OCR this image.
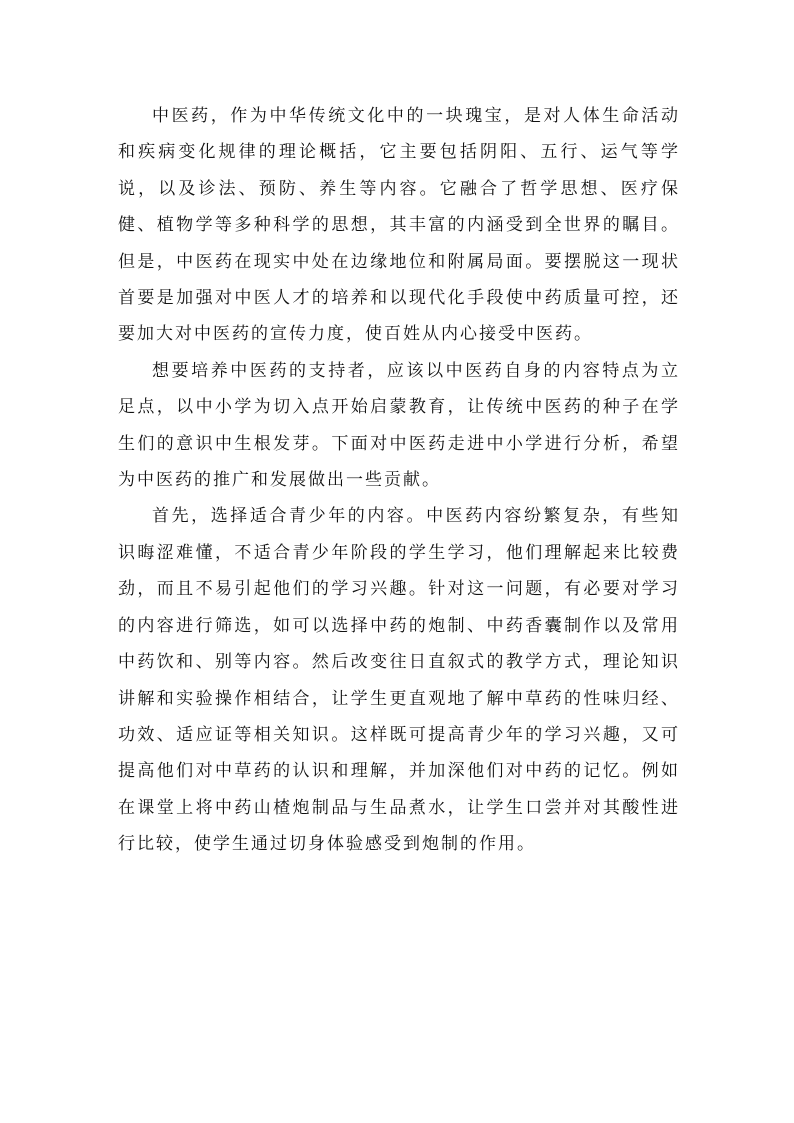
中医药，作为中华传统文化中的一块瑰宝，是对人体生命活动和疾病变化规律的理论概括，它主要包括阴阳、五行、运气等学说，以及诊法、预防、养生等内容。它融合了哲学思想、医疗保健、植物学等多种科学的思想，其丰富的内涵受到全世界的瞩目。但是，中医药在现实中处在边缘地位和附属局面。要摆脱这一现状首要是加强对中医人才的培养和以现代化手段使中药质量可控，还要加大对中医药的宣传力度，使百姓从内心接受中医药。

想要培养中医药的支持者，应该以中医药自身的内容特点为立足点，以中小学为切入点开始启蒙教育，让传统中医药的种子在学生们的意识中生根发芽。下面对中医药走进中小学进行分析，希望为中医药的推广和发展做出一些贡献。

首先，选择适合青少年的内容。中医药内容纷繁复杂，有些知识晦涩难懂，不适合青少年阶段的学生学习，他们理解起来比较费劲，而且不易引起他们的学习兴趣。针对这一问题，有必要对学习的内容进行筛选，如可以选择中药的炮制、中药香囊制作以及常用中药饮和、别等内容。然后改变往日直叙式的教学方式，理论知识讲解和实验操作相结合，让学生更直观地了解中草药的性味归经、功效、适应证等相关知识。这样既可提高青少年的学习兴趣，又可提高他们对中草药的认识和理解，并加深他们对中药的记忆。例如在课堂上将中药山楂炮制品与生品煮水，让学生口尝并对其酸性进行比较，使学生通过切身体验感受到炮制的作用。
